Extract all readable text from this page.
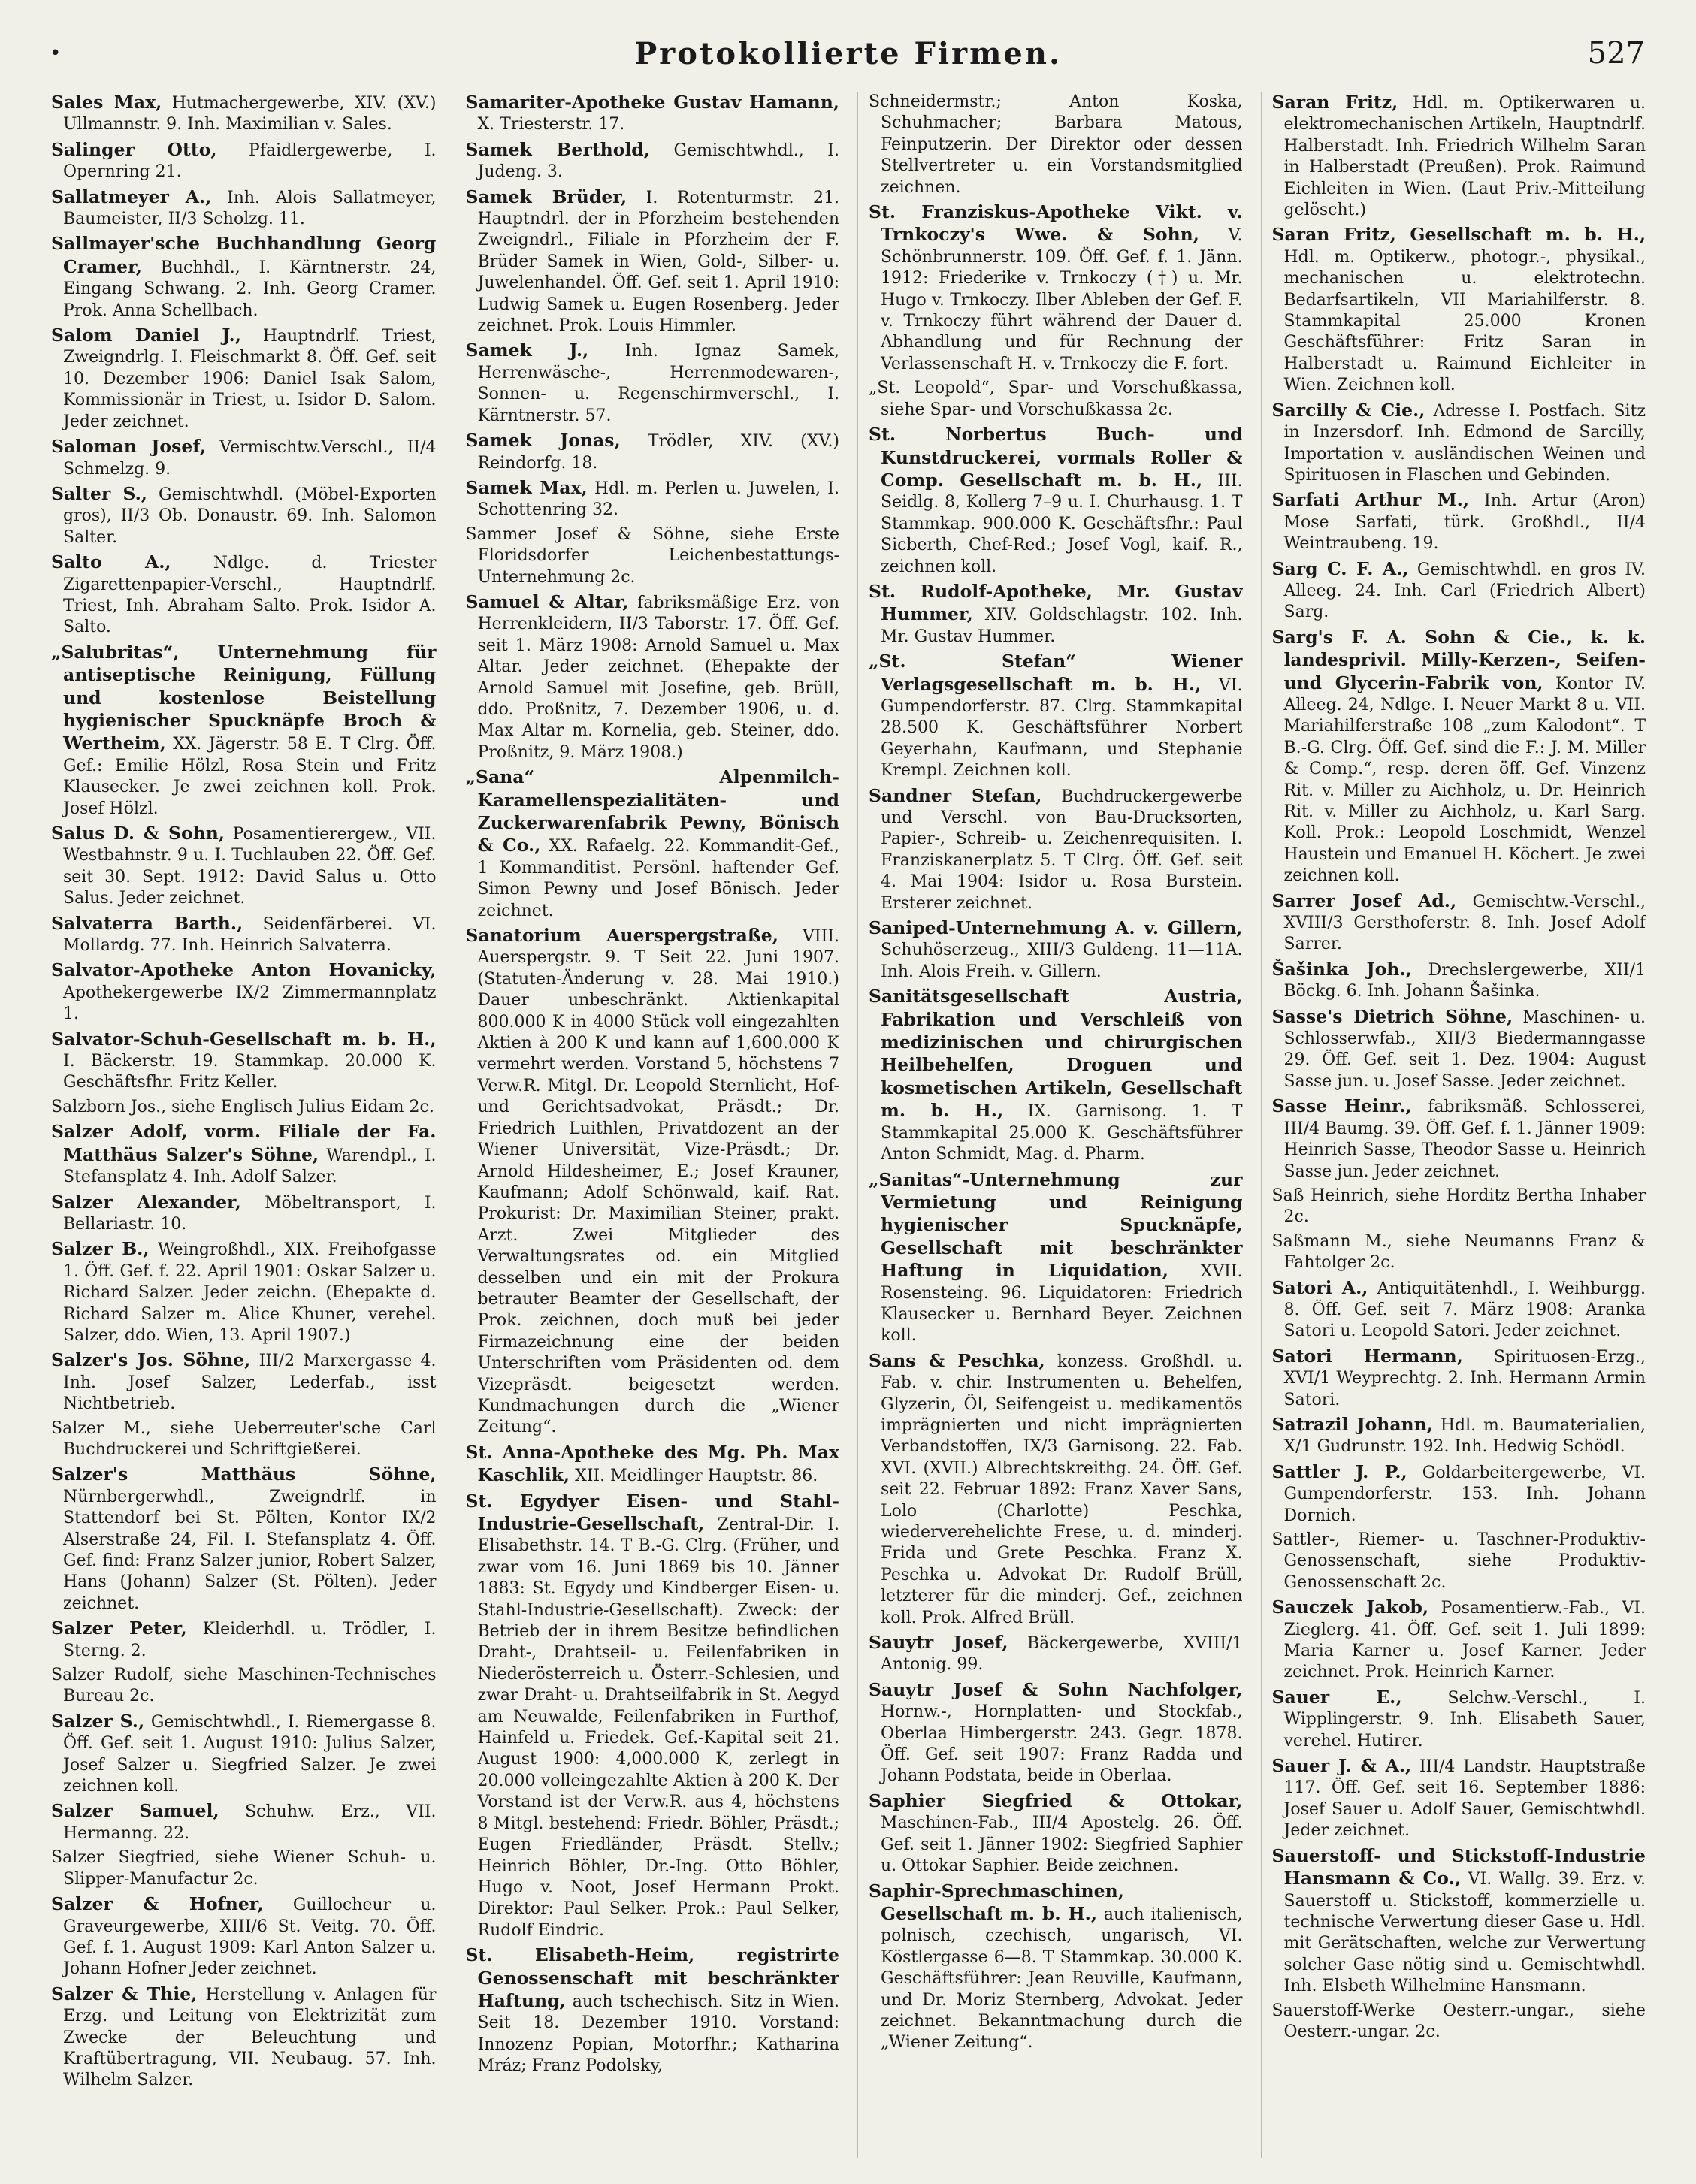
•	Protokollierte Firmen.	527

Sales Max, Hutmachergewerbe, XIV. (XV.) Ullmannstr. 9. Inh. Maximilian v. Sales.

Salinger Otto, Pfaidlergewerbe, I. Opernring 21.

Sallatmeyer A., Inh. Alois Sallatmeyer, Baumeister, II/3 Scholzg. 11.

Sallmayer'sche Buchhandlung Georg Cramer, Buchhdl., I. Kärntnerstr. 24, Eingang Schwang. 2. Inh. Georg Cramer. Prok. Anna Schellbach.

Salom Daniel J., Hauptndrlf. Triest, Zweigndrlg. I. Fleischmarkt 8. Öff. Gef. seit 10. Dezember 1906: Daniel Isak Salom, Kommissionär in Triest, u. Isidor D. Salom. Jeder zeichnet.

Saloman Josef, Vermischtw.Verschl., II/4 Schmelzg. 9.

Salter S., Gemischtwhdl. (Möbel-Exporten gros), II/3 Ob. Donaustr. 69. Inh. Salomon Salter.

Salto A.,	Ndlge. d. Triester Zigarettenpapier-Verschl., Hauptndrlf. Triest, Inh. Abraham Salto. Prok. Isidor A. Salto.

„Salubritas“, Unternehmung für antiseptische Reinigung, Füllung und kostenlose Beistellung hygienischer Spucknäpfe Broch & Wertheim, XX. Jägerstr. 58 E. T Clrg. Öff. Gef.: Emilie Hölzl, Rosa Stein und Fritz Klausecker. Je zwei zeichnen koll. Prok. Josef Hölzl.

Salus D. & Sohn, Posamentierergew., VII. Westbahnstr. 9 u. I. Tuchlauben 22. Öff. Gef. seit 30. Sept. 1912: David Salus u. Otto Salus. Jeder zeichnet.

Salvaterra Barth., Seidenfärberei. VI. Mollardg. 77. Inh. Heinrich Salvaterra.

Salvator-Apotheke Anton Hovanicky, Apothekergewerbe IX/2 Zimmermannplatz 1.

Salvator-Schuh-Gesellschaft m. b. H., I. Bäckerstr. 19. Stammkap. 20.000 K. Geschäftsfhr. Fritz Keller.

Salzborn Jos., siehe Englisch Julius Eidam 2c.

Salzer Adolf, vorm. Filiale der Fa. Matthäus Salzer's Söhne, Warendpl., I. Stefansplatz 4. Inh. Adolf Salzer.

Salzer Alexander, Möbeltransport, I. Bellariastr. 10.

Salzer B., Weingroßhdl., XIX. Freihofgasse 1. Öff. Gef. f. 22. April 1901: Oskar Salzer u. Richard Salzer. Jeder zeichn. (Ehepakte d. Richard Salzer m. Alice Khuner, verehel. Salzer, ddo. Wien, 13. April 1907.)

Salzer's Jos. Söhne, III/2 Marxergasse 4. Inh. Josef Salzer, Lederfab., isst Nichtbetrieb.

Salzer M., siehe Ueberreuter'sche Carl Buchdruckerei und Schriftgießerei.

Salzer's Matthäus Söhne, Nürnbergerwhdl., Zweigndrlf. in Stattendorf bei St. Pölten, Kontor IX/2 Alserstraße 24, Fil. I. Stefansplatz 4. Öff. Gef. find: Franz Salzer junior, Robert Salzer, Hans (Johann) Salzer (St. Pölten). Jeder zeichnet.

Salzer Peter, Kleiderhdl. u. Trödler, I. Sterng. 2.

Salzer Rudolf, siehe Maschinen-Technisches Bureau 2c.

Salzer S., Gemischtwhdl., I. Riemergasse 8. Öff. Gef. seit 1. August 1910: Julius Salzer, Josef Salzer u. Siegfried Salzer. Je zwei zeichnen koll.

Salzer Samuel, Schuhw. Erz., VII. Hermanng. 22.

Salzer Siegfried, siehe Wiener Schuh- u. Slipper-Manufactur 2c.

Salzer & Hofner, Guillocheur u. Graveurgewerbe, XIII/6 St. Veitg. 70. Öff. Gef. f. 1. August 1909: Karl Anton Salzer u. Johann Hofner Jeder zeichnet.

Salzer & Thie, Herstellung v. Anlagen für Erzg. und Leitung von Elektrizität zum Zwecke der Beleuchtung und Kraftübertragung, VII. Neubaug. 57. Inh. Wilhelm Salzer.

Samariter-Apotheke Gustav Hamann, X. Triesterstr. 17.

Samek Berthold, Gemischtwhdl., I. Judeng. 3.

Samek Brüder, I. Rotenturmstr. 21. Hauptndrl. der in Pforzheim bestehenden Zweigndrl., Filiale in Pforzheim der F. Brüder Samek in Wien, Gold-, Silber- u. Juwelenhandel. Öff. Gef. seit 1. April 1910: Ludwig Samek u. Eugen Rosenberg. Jeder zeichnet. Prok. Louis Himmler.

Samek J., Inh. Ignaz Samek, Herrenwäsche-, Herrenmodewaren-, Sonnen- u. Regenschirmverschl., I. Kärntnerstr. 57.

Samek Jonas, Trödler, XIV. (XV.) Reindorfg. 18.

Samek Max, Hdl. m. Perlen u. Juwelen, I. Schottenring 32.

Sammer Josef & Söhne, siehe Erste Floridsdorfer Leichenbestattungs-Unternehmung 2c.

Samuel & Altar, fabriksmäßige Erz. von Herrenkleidern, II/3 Taborstr. 17. Öff. Gef. seit 1. März 1908: Arnold Samuel u. Max Altar. Jeder zeichnet. (Ehepakte der Arnold Samuel mit Josefine, geb. Brüll, ddo. Proßnitz, 7. Dezember 1906, u. d. Max Altar m. Kornelia, geb. Steiner, ddo. Proßnitz, 9. März 1908.)

„Sana“ Alpenmilch-Karamellenspezialitäten- und Zuckerwarenfabrik Pewny, Bönisch & Co., XX. Rafaelg. 22. Kommandit-Gef., 1 Kommanditist. Persönl. haftender Gef. Simon Pewny und Josef Bönisch. Jeder zeichnet.

Sanatorium Auerspergstraße, VIII. Auerspergstr. 9. T Seit 22. Juni 1907. (Statuten-Änderung v. 28. Mai 1910.) Dauer unbeschränkt. Aktienkapital 800.000 K in 4000 Stück voll eingezahlten Aktien à 200 K und kann auf 1,600.000 K vermehrt werden. Vorstand 5, höchstens 7 Verw.R. Mitgl. Dr. Leopold Sternlicht, Hof- und Gerichtsadvokat, Präsdt.; Dr. Friedrich Luithlen, Privatdozent an der Wiener Universität, Vize-Präsdt.; Dr. Arnold Hildesheimer, E.; Josef Krauner, Kaufmann; Adolf Schönwald, kaif. Rat. Prokurist: Dr. Maximilian Steiner, prakt. Arzt. Zwei Mitglieder des Verwaltungsrates od. ein Mitglied desselben und ein mit der Prokura betrauter Beamter der Gesellschaft, der Prok. zeichnen, doch muß bei jeder Firmazeichnung eine der beiden Unterschriften vom Präsidenten od. dem Vizepräsdt. beigesetzt werden. Kundmachungen durch die „Wiener Zeitung“.

St. Anna-Apotheke des Mg. Ph. Max Kaschlik, XII. Meidlinger Hauptstr. 86.

St. Egydyer Eisen- und Stahl-Industrie-Gesellschaft, Zentral-Dir. I. Elisabethstr. 14. T B.-G. Clrg. (Früher, und zwar vom 16. Juni 1869 bis 10. Jänner 1883: St. Egydy und Kindberger Eisen- u. Stahl-Industrie-Gesellschaft). Zweck: der Betrieb der in ihrem Besitze befindlichen Draht-, Drahtseil- u. Feilenfabriken in Niederösterreich u. Österr.-Schlesien, und zwar Draht- u. Drahtseilfabrik in St. Aegyd am Neuwalde, Feilenfabriken in Furthof, Hainfeld u. Friedek. Gef.-Kapital seit 21. August 1900: 4,000.000 K, zerlegt in 20.000 volleingezahlte Aktien à 200 K. Der Vorstand ist der Verw.R. aus 4, höchstens 8 Mitgl. bestehend: Friedr. Böhler, Präsdt.; Eugen Friedländer, Präsdt. Stellv.; Heinrich Böhler, Dr.-Ing. Otto Böhler, Hugo v. Noot, Josef Hermann Prokt. Direktor: Paul Selker. Prok.: Paul Selker, Rudolf Eindric.

St. Elisabeth-Heim, registrirte Genossenschaft mit beschränkter Haftung, auch tschechisch. Sitz in Wien. Seit 18. Dezember 1910. Vorstand: Innozenz Popian, Motorfhr.; Katharina Mráz; Franz Podolsky,

Schneidermstr.; Anton Koska, Schuhmacher; Barbara Matous, Feinputzerin. Der Direktor oder dessen Stellvertreter u. ein Vorstandsmitglied zeichnen.

St. Franziskus-Apotheke Vikt. v. Trnkoczy's Wwe. & Sohn, V. Schönbrunnerstr. 109. Öff. Gef. f. 1. Jänn. 1912: Friederike v. Trnkoczy (†) u. Mr. Hugo v. Trnkoczy. Ilber Ableben der Gef. F. v. Trnkoczy führt während der Dauer d. Abhandlung und für Rechnung der Verlassenschaft H. v. Trnkoczy die F. fort.

„St. Leopold“, Spar- und Vorschußkassa, siehe Spar- und Vorschußkassa 2c.

St. Norbertus Buch- und Kunstdruckerei, vormals Roller & Comp. Gesellschaft m. b. H., III. Seidlg. 8, Kollerg 7–9 u. I. Churhausg. 1. T Stammkap. 900.000 K. Geschäftsfhr.: Paul Sicberth, Chef-Red.; Josef Vogl, kaif. R., zeichnen koll.

St. Rudolf-Apotheke, Mr. Gustav Hummer, XIV. Goldschlagstr. 102. Inh. Mr. Gustav Hummer.

„St. Stefan“ Wiener Verlagsgesellschaft m. b. H., VI. Gumpendorferstr. 87. Clrg. Stammkapital 28.500 K. Geschäftsführer Norbert Geyerhahn, Kaufmann, und Stephanie Krempl. Zeichnen koll.

Sandner Stefan, Buchdruckergewerbe und Verschl. von Bau-Drucksorten, Papier-, Schreib- u. Zeichenrequisiten. I. Franziskanerplatz 5. T Clrg. Öff. Gef. seit 4. Mai 1904: Isidor u. Rosa Burstein. Ersterer zeichnet.

Saniped-Unternehmung A. v. Gillern, Schuhöserzeug., XIII/3 Guldeng. 11—11A. Inh. Alois Freih. v. Gillern.

Sanitätsgesellschaft Austria, Fabrikation und Verschleiß von medizinischen und chirurgischen Heilbehelfen, Droguen und kosmetischen Artikeln, Gesellschaft m. b. H., IX. Garnisong. 1. T Stammkapital 25.000 K. Geschäftsführer Anton Schmidt, Mag. d. Pharm.

„Sanitas“-Unternehmung zur Vermietung und Reinigung hygienischer Spucknäpfe, Gesellschaft mit beschränkter Haftung in Liquidation, XVII. Rosensteing. 96. Liquidatoren: Friedrich Klausecker u. Bernhard Beyer. Zeichnen koll.

Sans & Peschka, konzess. Großhdl. u. Fab. v. chir. Instrumenten u. Behelfen, Glyzerin, Öl, Seifengeist u. medikamentös imprägnierten und nicht imprägnierten Verbandstoffen, IX/3 Garnisong. 22. Fab. XVI. (XVII.) Albrechtskreithg. 24. Öff. Gef. seit 22. Februar 1892: Franz Xaver Sans, Lolo (Charlotte) Peschka, wiederverehelichte Frese, u. d. minderj. Frida und Grete Peschka. Franz X. Peschka u. Advokat Dr. Rudolf Brüll, letzterer für die minderj. Gef., zeichnen koll. Prok. Alfred Brüll.

Sauytr Josef, Bäckergewerbe, XVIII/1 Antonig. 99.

Sauytr Josef & Sohn Nachfolger, Hornw.-, Hornplatten- und Stockfab., Oberlaa Himbergerstr. 243. Gegr. 1878. Öff. Gef. seit 1907: Franz Radda und Johann Podstata, beide in Oberlaa.

Saphier Siegfried & Ottokar, Maschinen-Fab., III/4 Apostelg. 26. Öff. Gef. seit 1. Jänner 1902: Siegfried Saphier u. Ottokar Saphier. Beide zeichnen.

Saphir-Sprechmaschinen, Gesellschaft m. b. H., auch italienisch, polnisch, czechisch, ungarisch, VI. Köstlergasse 6—8. T Stammkap. 30.000 K. Geschäftsführer: Jean Reuville, Kaufmann, und Dr. Moriz Sternberg, Advokat. Jeder zeichnet. Bekanntmachung durch die „Wiener Zeitung“.

Saran Fritz, Hdl. m. Optikerwaren u. elektromechanischen Artikeln, Hauptndrlf. Halberstadt. Inh. Friedrich Wilhelm Saran in Halberstadt (Preußen). Prok. Raimund Eichleiten in Wien. (Laut Priv.-Mitteilung gelöscht.)

Saran Fritz, Gesellschaft m. b. H., Hdl. m. Optikerw., photogr.-, physikal., mechanischen u. elektrotechn. Bedarfsartikeln, VII Mariahilferstr. 8. Stammkapital 25.000 Kronen Geschäftsführer: Fritz Saran in Halberstadt u. Raimund Eichleiter in Wien. Zeichnen koll.

Sarcilly & Cie., Adresse I. Postfach. Sitz in Inzersdorf. Inh. Edmond de Sarcilly, Importation v. ausländischen Weinen und Spirituosen in Flaschen und Gebinden.

Sarfati Arthur M., Inh. Artur (Aron) Mose Sarfati, türk. Großhdl., II/4 Weintraubeng. 19.

Sarg C. F. A., Gemischtwhdl. en gros IV. Alleeg. 24. Inh. Carl (Friedrich Albert) Sarg.

Sarg's F. A. Sohn & Cie., k. k. landesprivil. Milly-Kerzen-, Seifen- und Glycerin-Fabrik von, Kontor IV. Alleeg. 24, Ndlge. I. Neuer Markt 8 u. VII. Mariahilferstraße 108 „zum Kalodont“. T B.-G. Clrg. Öff. Gef. sind die F.: J. M. Miller & Comp.“, resp. deren öff. Gef. Vinzenz Rit. v. Miller zu Aichholz, u. Dr. Heinrich Rit. v. Miller zu Aichholz, u. Karl Sarg. Koll. Prok.: Leopold Loschmidt, Wenzel Haustein und Emanuel H. Köchert. Je zwei zeichnen koll.

Sarrer Josef Ad., Gemischtw.-Verschl., XVIII/3 Gersthoferstr. 8. Inh. Josef Adolf Sarrer.

Šašinka Joh., Drechslergewerbe, XII/1 Böckg. 6. Inh. Johann Šašinka.

Sasse's Dietrich Söhne, Maschinen- u. Schlosserwfab., XII/3 Biedermanngasse 29. Öff. Gef. seit 1. Dez. 1904: August Sasse jun. u. Josef Sasse. Jeder zeichnet.

Sasse Heinr., fabriksmäß. Schlosserei, III/4 Baumg. 39. Öff. Gef. f. 1. Jänner 1909: Heinrich Sasse, Theodor Sasse u. Heinrich Sasse jun. Jeder zeichnet.

Saß Heinrich, siehe Horditz Bertha Inhaber 2c.

Saßmann M., siehe Neumanns Franz & Fahtolger 2c.

Satori A., Antiquitätenhdl., I. Weihburgg. 8. Öff. Gef. seit 7. März 1908: Aranka Satori u. Leopold Satori. Jeder zeichnet.

Satori Hermann, Spirituosen-Erzg., XVI/1 Weyprechtg. 2. Inh. Hermann Armin Satori.

Satrazil Johann, Hdl. m. Baumaterialien, X/1 Gudrunstr. 192. Inh. Hedwig Schödl.

Sattler J. P., Goldarbeitergewerbe, VI. Gumpendorferstr. 153. Inh. Johann Dornich.

Sattler-, Riemer- u. Taschner-Produktiv-Genossenschaft, siehe Produktiv-Genossenschaft 2c.

Sauczek Jakob, Posamentierw.-Fab., VI. Zieglerg. 41. Öff. Gef. seit 1. Juli 1899: Maria Karner u. Josef Karner. Jeder zeichnet. Prok. Heinrich Karner.

Sauer E.,	Selchw.-Verschl., I. Wipplingerstr. 9. Inh. Elisabeth Sauer, verehel. Hutirer.

Sauer J. & A., III/4 Landstr. Hauptstraße 117. Öff. Gef. seit 16. September 1886: Josef Sauer u. Adolf Sauer, Gemischtwhdl. Jeder zeichnet.

Sauerstoff- und Stickstoff-Industrie Hansmann & Co., VI. Wallg. 39. Erz. v. Sauerstoff u. Stickstoff, kommerzielle u. technische Verwertung dieser Gase u. Hdl. mit Gerätschaften, welche zur Verwertung solcher Gase nötig sind u. Gemischtwhdl. Inh. Elsbeth Wilhelmine Hansmann.

Sauerstoff-Werke Oesterr.-ungar., siehe Oesterr.-ungar. 2c.
